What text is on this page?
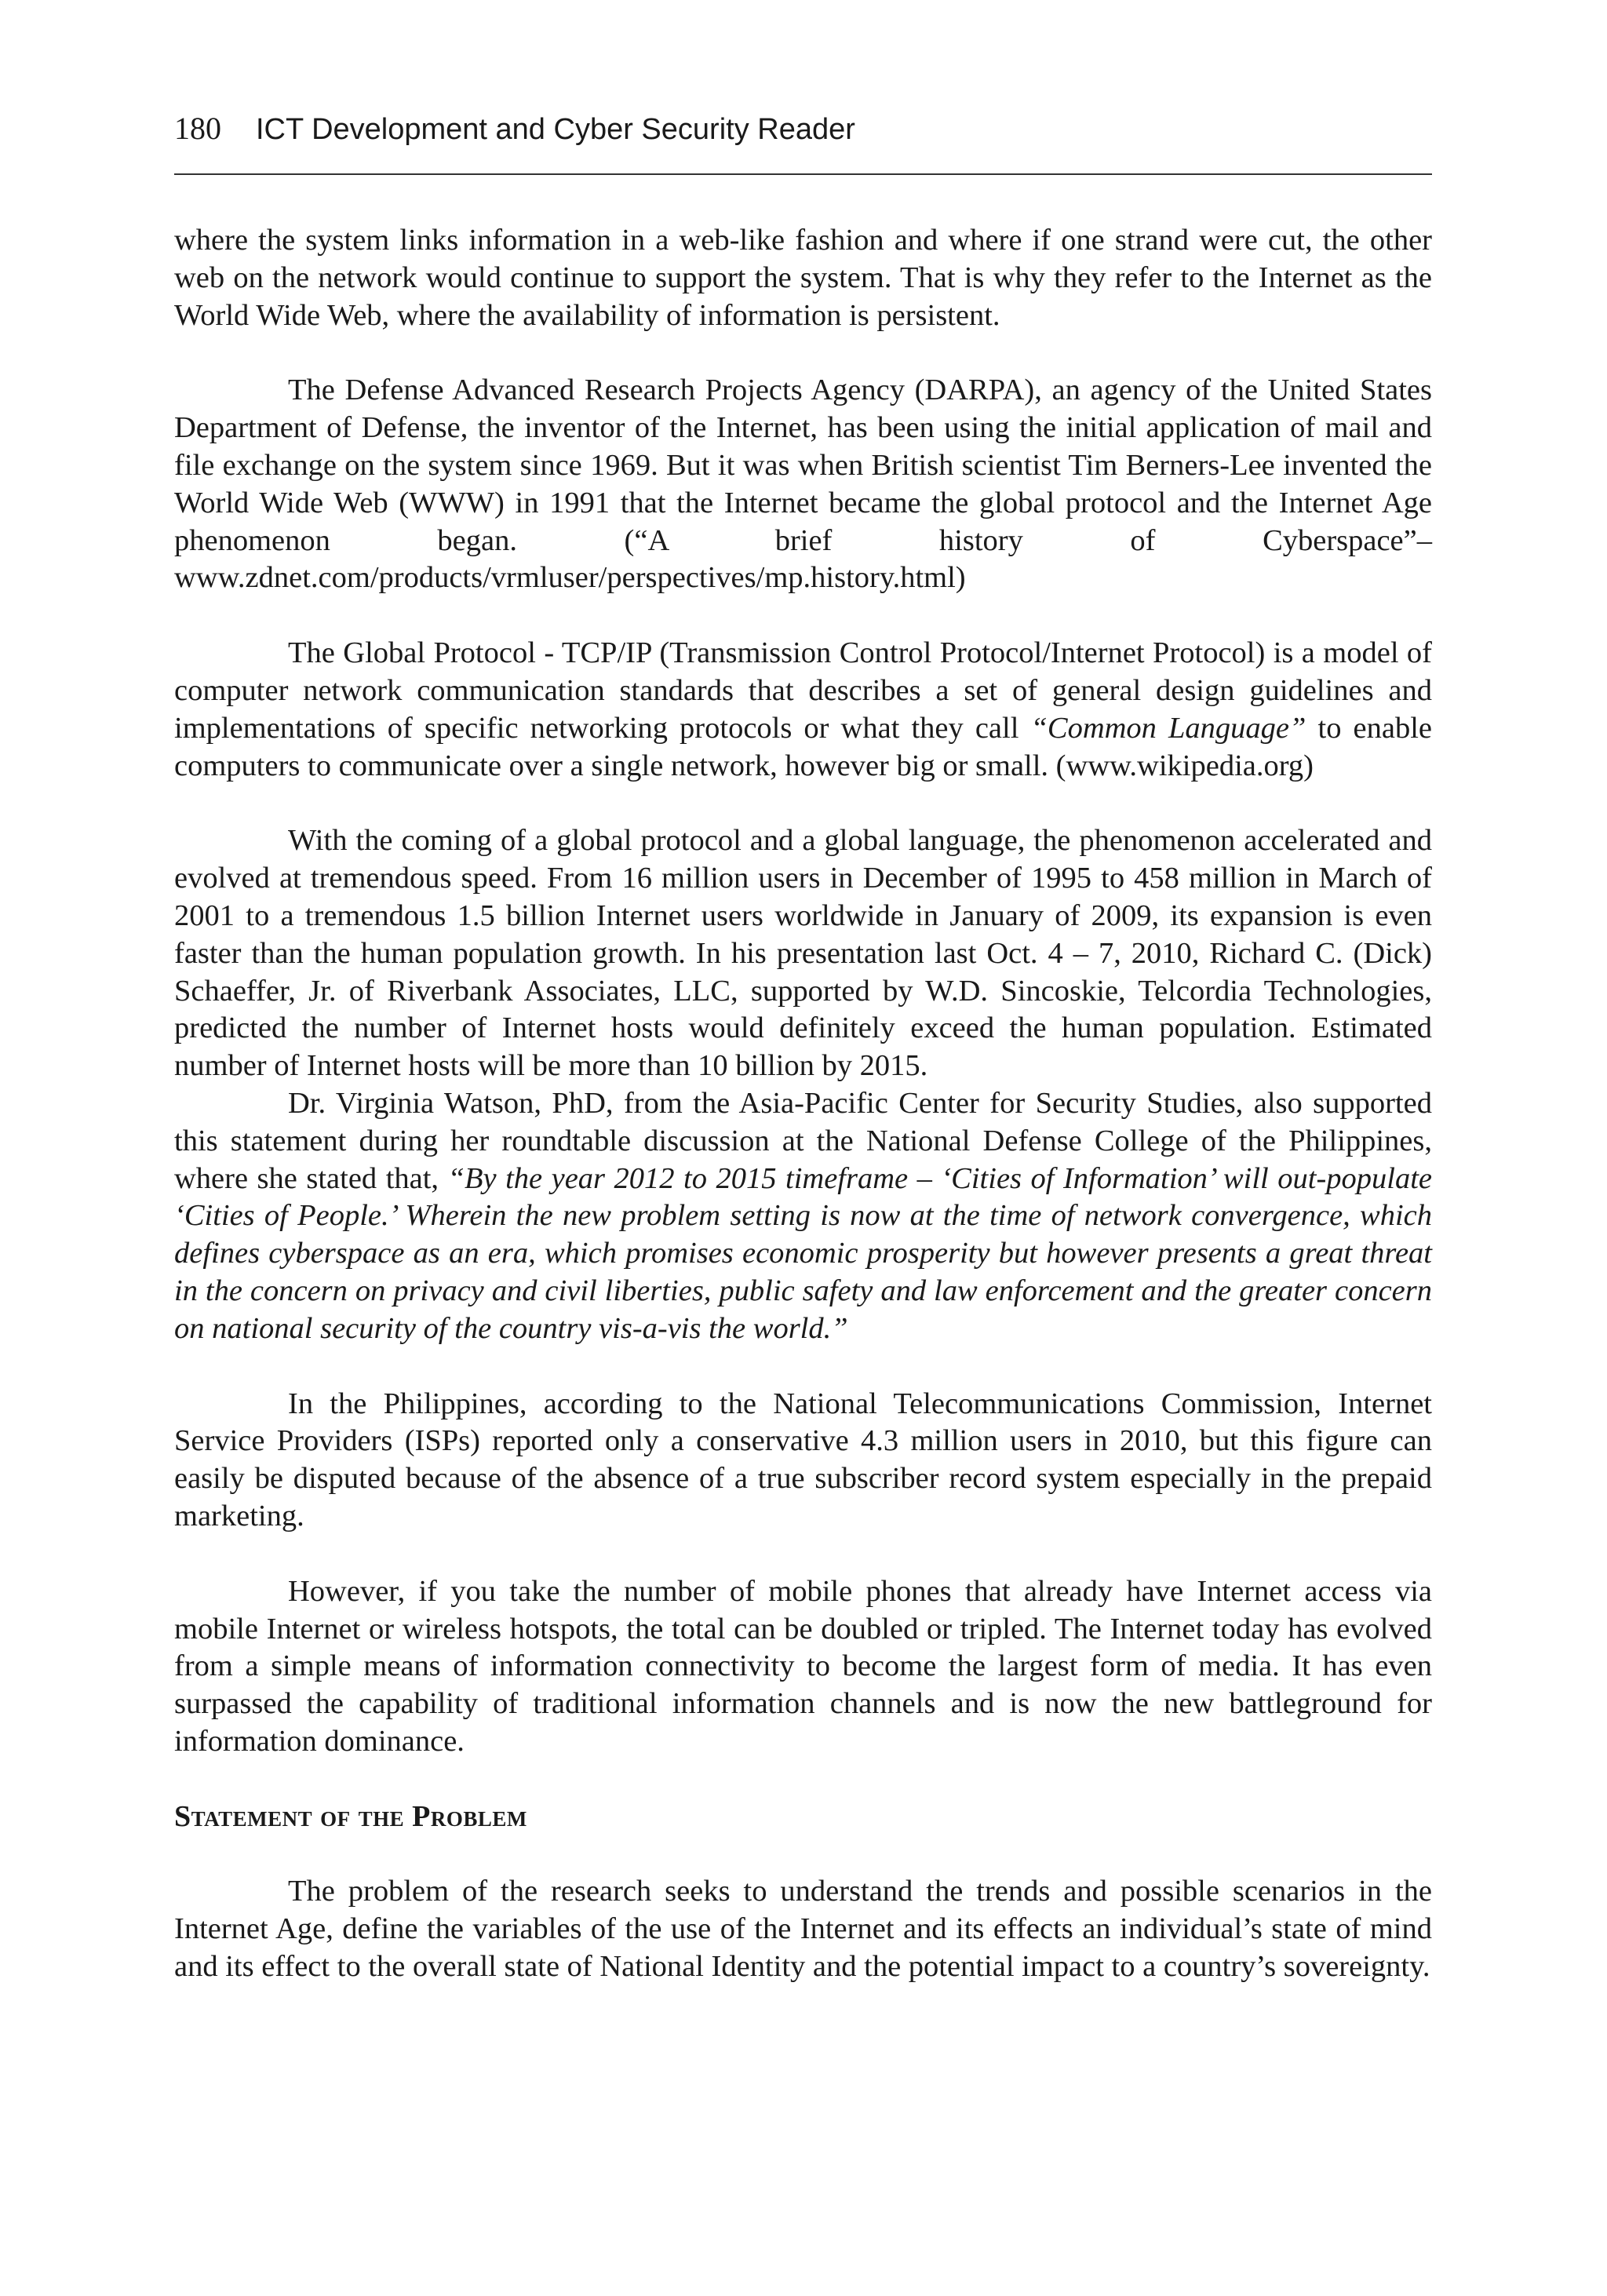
180 ICT Development and Cyber Security Reader

where the system links information in a web-like fashion and where if one strand were cut, the other web on the network would continue to support the system. That is why they refer to the Internet as the World Wide Web, where the availability of information is persistent.

The Defense Advanced Research Projects Agency (DARPA), an agency of the United States Department of Defense, the inventor of the Internet, has been using the initial application of mail and file exchange on the system since 1969. But it was when British scientist Tim Berners-Lee invented the World Wide Web (WWW) in 1991 that the Internet became the global protocol and the Internet Age phenomenon began. (“A brief history of Cyberspace”– www.zdnet.com/products/vrmluser/perspectives/mp.history.html)

The Global Protocol - TCP/IP (Transmission Control Protocol/Internet Protocol) is a model of computer network communication standards that describes a set of general design guidelines and implementations of specific networking protocols or what they call “Common Language” to enable computers to communicate over a single network, however big or small. (www.wikipedia.org)

With the coming of a global protocol and a global language, the phenomenon accelerated and evolved at tremendous speed. From 16 million users in December of 1995 to 458 million in March of 2001 to a tremendous 1.5 billion Internet users worldwide in January of 2009, its expansion is even faster than the human population growth. In his presentation last Oct. 4 – 7, 2010, Richard C. (Dick) Schaeffer, Jr. of Riverbank Associates, LLC, supported by W.D. Sincoskie, Telcordia Technologies, predicted the number of Internet hosts would definitely exceed the human population. Estimated number of Internet hosts will be more than 10 billion by 2015.

Dr. Virginia Watson, PhD, from the Asia-Pacific Center for Security Studies, also supported this statement during her roundtable discussion at the National Defense College of the Philippines, where she stated that, “By the year 2012 to 2015 timeframe – ‘Cities of Information’ will out-populate ‘Cities of People.’ Wherein the new problem setting is now at the time of network convergence, which defines cyberspace as an era, which promises economic prosperity but however presents a great threat in the concern on privacy and civil liberties, public safety and law enforcement and the greater concern on national security of the country vis-a-vis the world.”

In the Philippines, according to the National Telecommunications Commission, Internet Service Providers (ISPs) reported only a conservative 4.3 million users in 2010, but this figure can easily be disputed because of the absence of a true subscriber record system especially in the prepaid marketing.

However, if you take the number of mobile phones that already have Internet access via mobile Internet or wireless hotspots, the total can be doubled or tripled. The Internet today has evolved from a simple means of information connectivity to become the largest form of media. It has even surpassed the capability of traditional information channels and is now the new battleground for information dominance.

Statement of the Problem

The problem of the research seeks to understand the trends and possible scenarios in the Internet Age, define the variables of the use of the Internet and its effects an individual’s state of mind and its effect to the overall state of National Identity and the potential impact to a country’s sovereignty.
